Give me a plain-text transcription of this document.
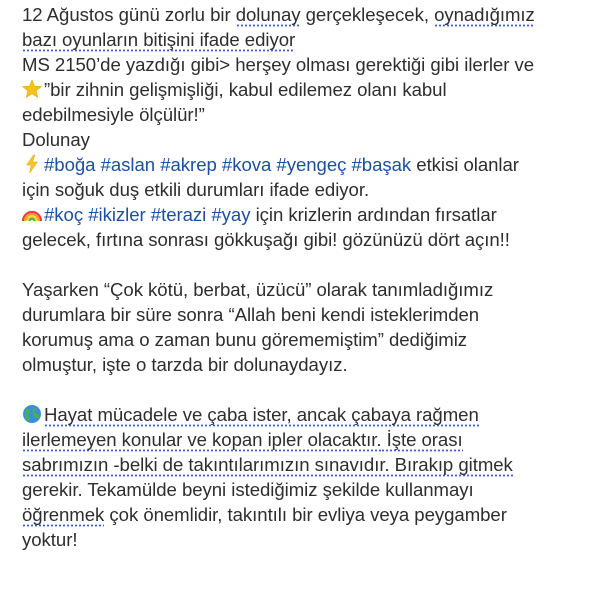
12 Ağustos günü zorlu bir dolunay gerçekleşecek, oynadığımız
bazı oyunların bitişini ifade ediyor
MS 2150’de yazdığı gibi> herşey olması gerektiği gibi ilerler ve
”bir zihnin gelişmişliği, kabul edilemez olanı kabul
edebilmesiyle ölçülür!”
Dolunay
#boğa #aslan #akrep #kova #yengeç #başak etkisi olanlar
için soğuk duş etkili durumları ifade ediyor.
#koç #ikizler #terazi #yay için krizlerin ardından fırsatlar
gelecek, fırtına sonrası gökkuşağı gibi! gözünüzü dört açın!!
Yaşarken “Çok kötü, berbat, üzücü” olarak tanımladığımız
durumlara bir süre sonra “Allah beni kendi isteklerimden
korumuş ama o zaman bunu görememiştim” dediğimiz
olmuştur, işte o tarzda bir dolunaydayız.
Hayat mücadele ve çaba ister, ancak çabaya rağmen
ilerlemeyen konular ve kopan ipler olacaktır. İşte orası
sabrımızın -belki de takıntılarımızın sınavıdır. Bırakıp gitmek
gerekir. Tekamülde beyni istediğimiz şekilde kullanmayı
öğrenmek çok önemlidir, takıntılı bir evliya veya peygamber
yoktur!
